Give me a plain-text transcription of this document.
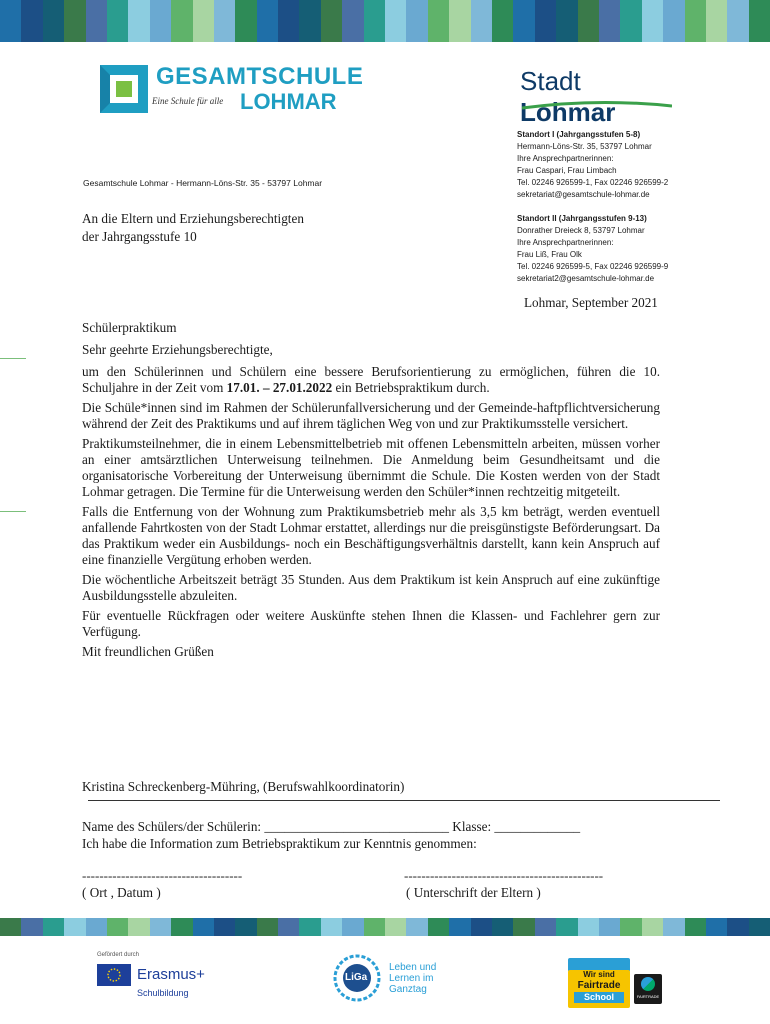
GESAMTSCHULE
Eine Schule für alle LOHMAR
Stadt Lohmar
Gesamtschule Lohmar - Hermann-Löns-Str. 35 - 53797 Lohmar
An die Eltern und Erziehungsberechtigten
der Jahrgangsstufe 10
Standort I (Jahrgangsstufen 5-8)
Hermann-Löns-Str. 35, 53797 Lohmar
Ihre Ansprechpartnerinnen:
Frau Caspari, Frau Limbach
Tel. 02246 926599-1, Fax 02246 926599-2
sekretariat@gesamtschule-lohmar.de
Standort II (Jahrgangsstufen 9-13)
Donrather Dreieck 8, 53797 Lohmar
Ihre Ansprechpartnerinnen:
Frau Liß, Frau Olk
Tel. 02246 926599-5, Fax 02246 926599-9
sekretariat2@gesamtschule-lohmar.de
Lohmar, September 2021

Schülerpraktikum

Sehr geehrte Erziehungsberechtigte,

um den Schülerinnen und Schülern eine bessere Berufsorientierung zu ermöglichen, führen die 10. Schuljahre in der Zeit vom 17.01. – 27.01.2022 ein Betriebspraktikum durch.

Die Schüle*innen sind im Rahmen der Schülerunfallversicherung und der Gemeinde-haftpflichtversicherung während der Zeit des Praktikums und auf ihrem täglichen Weg von und zur Praktikumsstelle versichert.

Praktikumsteilnehmer, die in einem Lebensmittelbetrieb mit offenen Lebensmitteln arbeiten, müssen vorher an einer amtsärztlichen Unterweisung teilnehmen. Die Anmeldung beim Gesundheitsamt und die organisatorische Vorbereitung der Unterweisung übernimmt die Schule. Die Kosten werden von der Stadt Lohmar getragen. Die Termine für die Unterweisung werden den Schüler*innen rechtzeitig mitgeteilt.

Falls die Entfernung von der Wohnung zum Praktikumsbetrieb mehr als 3,5 km beträgt, werden eventuell anfallende Fahrtkosten von der Stadt Lohmar erstattet, allerdings nur die preisgünstigste Beförderungsart. Da das Praktikum weder ein Ausbildungs- noch ein Beschäftigungsverhältnis darstellt, kann kein Anspruch auf eine finanzielle Vergütung erhoben werden.

Die wöchentliche Arbeitszeit beträgt 35 Stunden. Aus dem Praktikum ist kein Anspruch auf eine zukünftige Ausbildungsstelle abzuleiten.

Für eventuelle Rückfragen oder weitere Auskünfte stehen Ihnen die Klassen- und Fachlehrer gern zur Verfügung.

Mit freundlichen Grüßen

Kristina Schreckenberg-Mühring, (Berufswahlkoordinatorin)
Name des Schülers/der Schülerin: ____________________________ Klasse: _____________
Ich habe die Information zum Betriebspraktikum zur Kenntnis genommen:
-------------------------------------	----------------------------------------------
( Ort , Datum )	( Unterschrift der Eltern )
Gefördert durch
Erasmus+
Schulbildung
LiGa
Leben und
Lernen im
Ganztag
Wir sind
Fairtrade
School	FAIRTRADE
